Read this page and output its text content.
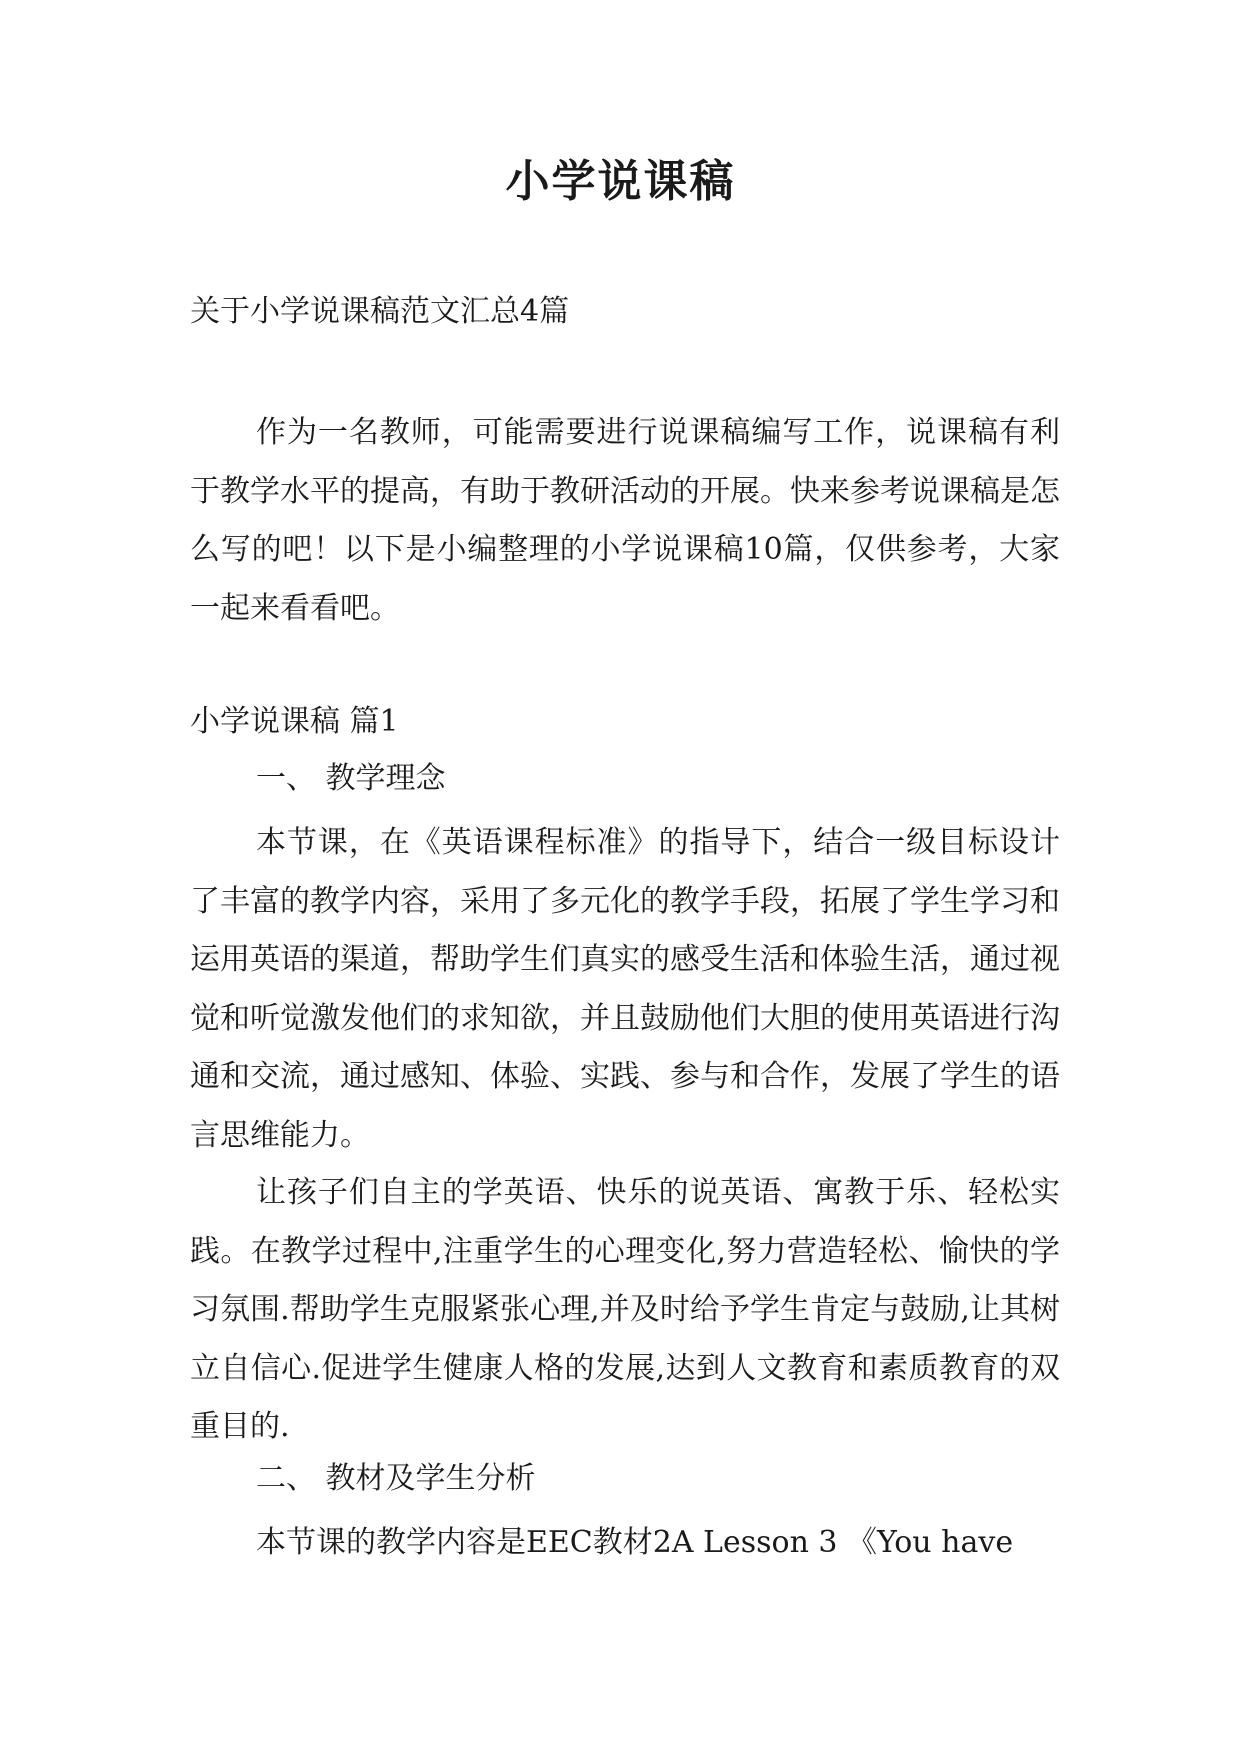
小学说课稿

关于小学说课稿范文汇总4篇

作为一名教师，可能需要进行说课稿编写工作，说课稿有利于教学水平的提高，有助于教研活动的开展。快来参考说课稿是怎么写的吧！以下是小编整理的小学说课稿10篇，仅供参考，大家一起来看看吧。

小学说课稿 篇1

一、 教学理念

本节课，在《英语课程标准》的指导下，结合一级目标设计了丰富的教学内容，采用了多元化的教学手段，拓展了学生学习和运用英语的渠道，帮助学生们真实的感受生活和体验生活，通过视觉和听觉激发他们的求知欲，并且鼓励他们大胆的使用英语进行沟通和交流，通过感知、体验、实践、参与和合作，发展了学生的语言思维能力。

让孩子们自主的学英语、快乐的说英语、寓教于乐、轻松实践。在教学过程中,注重学生的心理变化,努力营造轻松、愉快的学习氛围.帮助学生克服紧张心理,并及时给予学生肯定与鼓励,让其树立自信心.促进学生健康人格的发展,达到人文教育和素质教育的双重目的.

二、 教材及学生分析

本节课的教学内容是EEC教材2A Lesson 3 《You have
